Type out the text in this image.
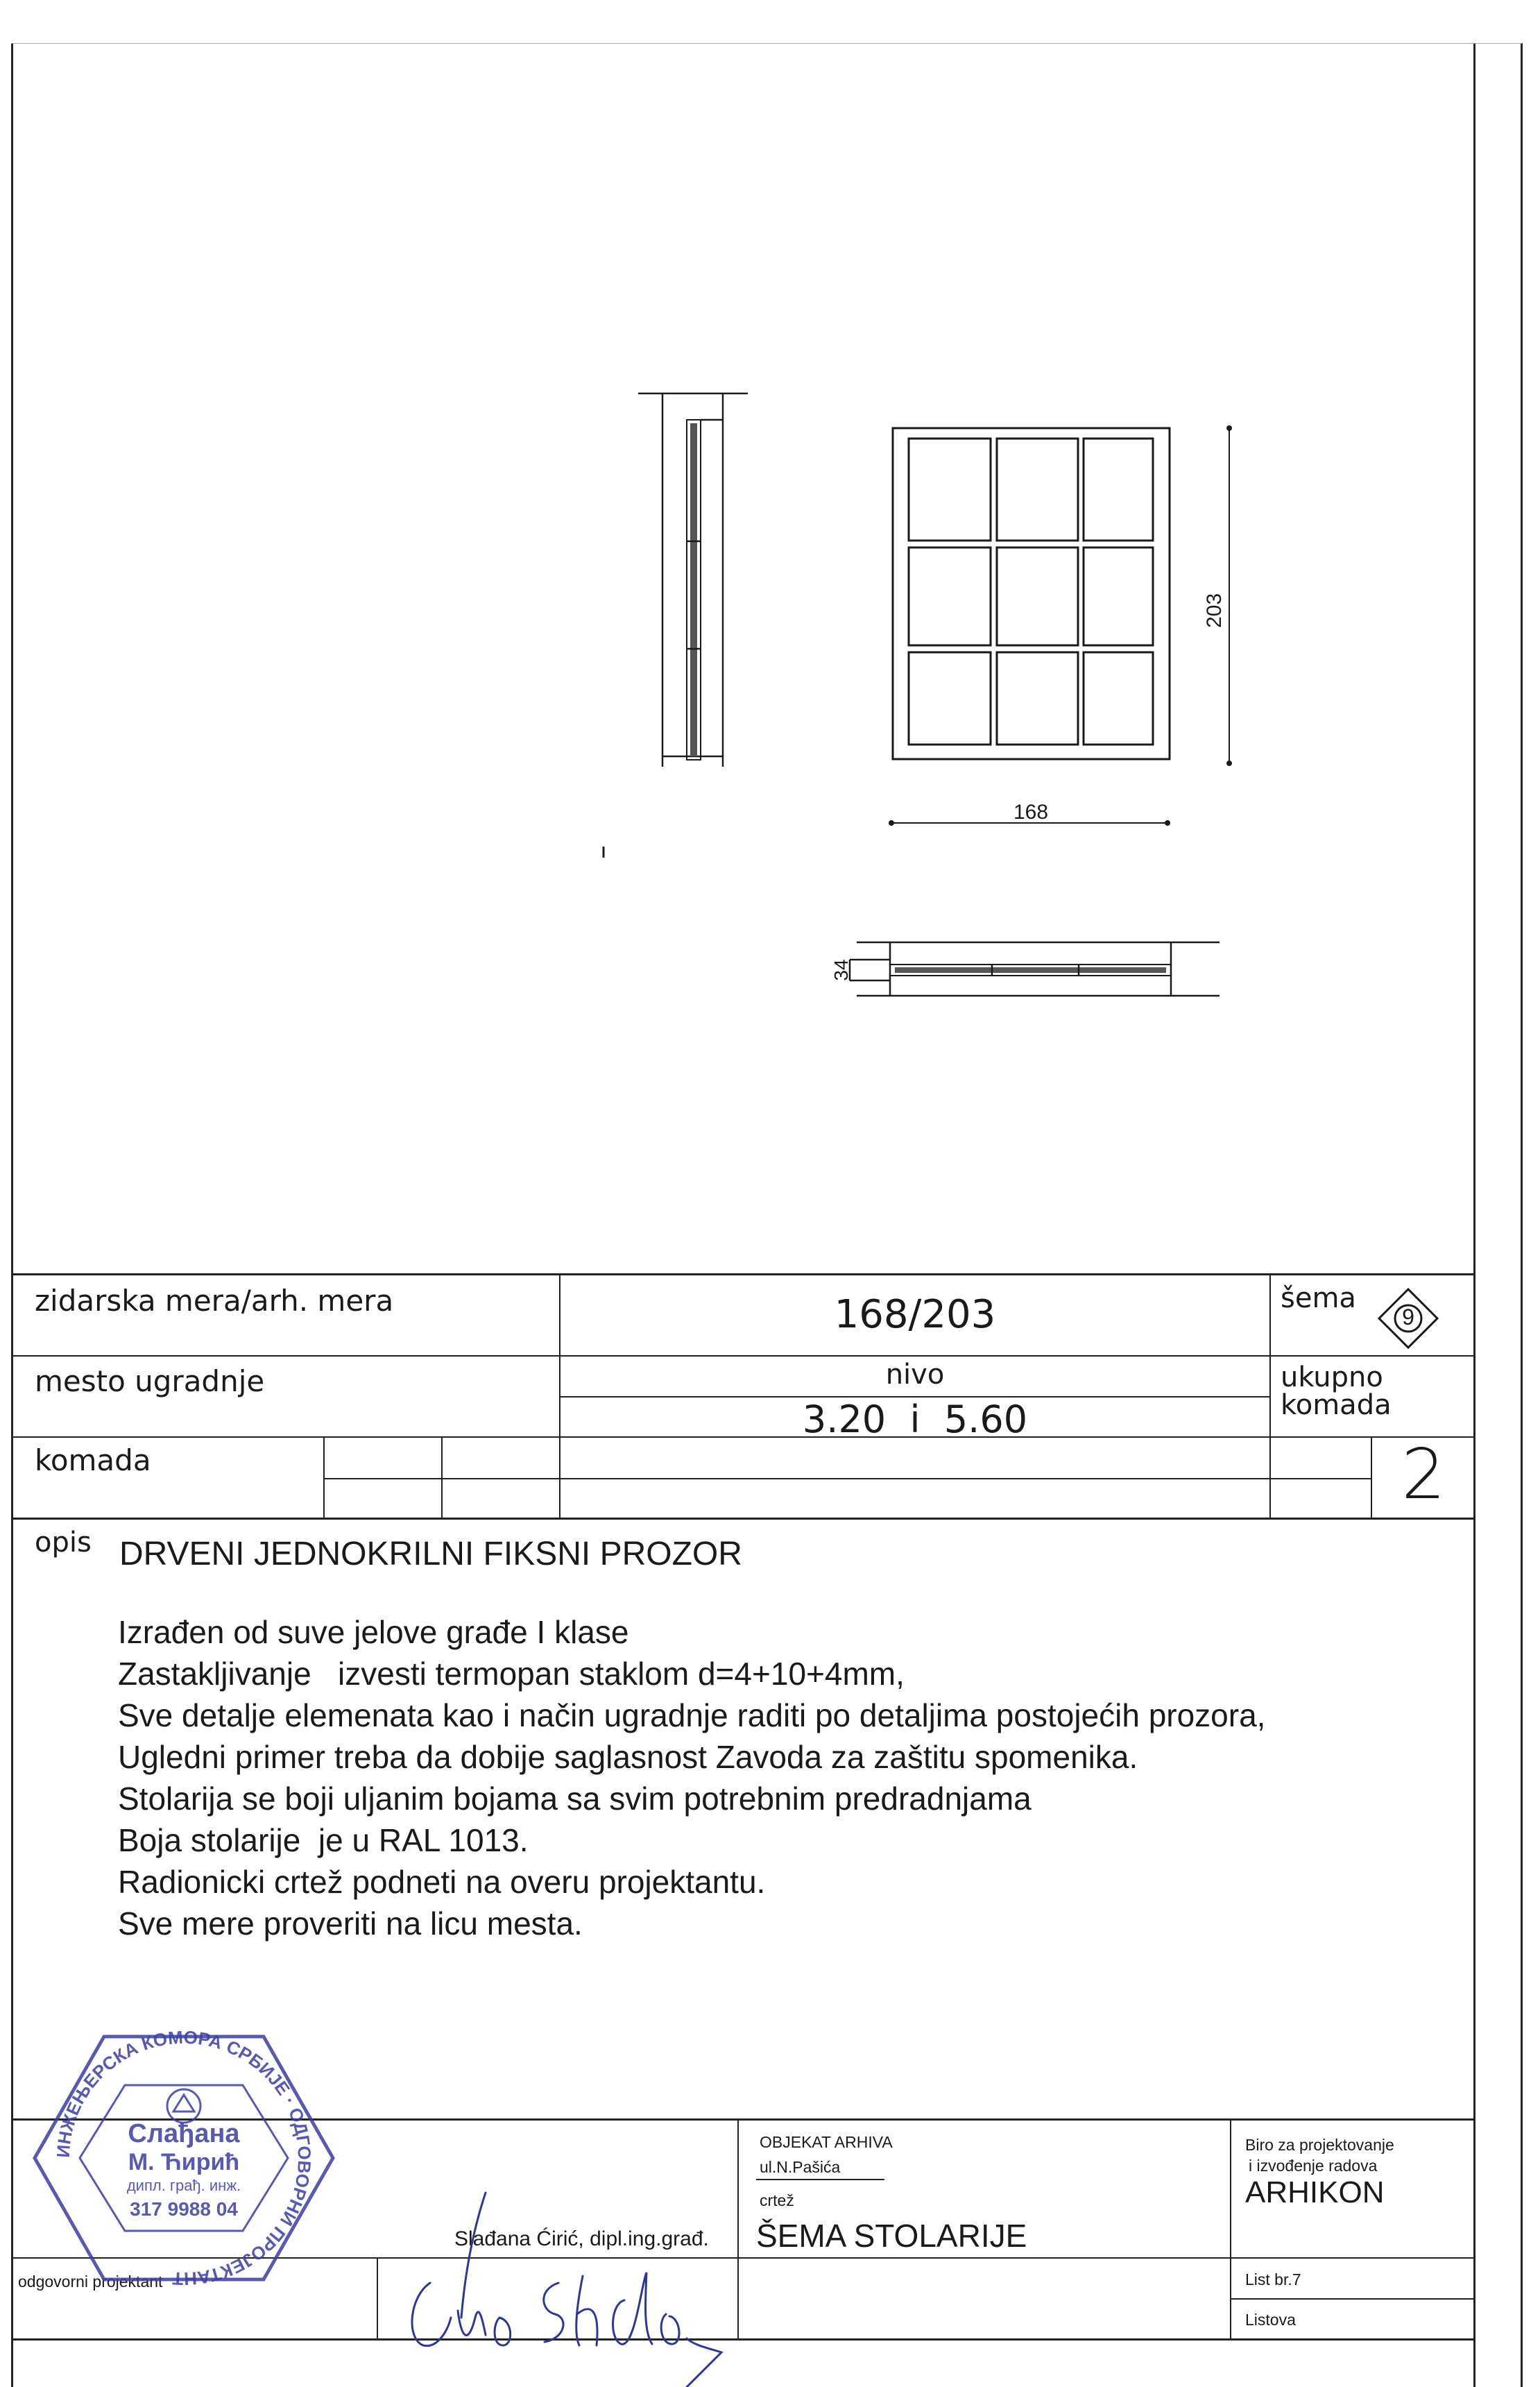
203
168
34
zidarska mera/arh. mera	168/203	šema
9
mesto ugradnje	nivo
3.20  i  5.60
ukupno
komada
komada	2
opis DRVENI JEDNOKRILNI FIKSNI PROZOR
Izrađen od suve jelove građe I klase
Zastakljivanje   izvesti termopan staklom d=4+10+4mm,
Sve detalje elemenata kao i način ugradnje raditi po detaljima postojećih prozora,
Ugledni primer treba da dobije saglasnost Zavoda za zaštitu spomenika.
Stolarija se boji uljanim bojama sa svim potrebnim predradnjama
Boja stolarije  je u RAL 1013.
Radionicki crtež podneti na overu projektantu.
Sve mere proveriti na licu mesta.
OBJEKAT ARHIVA
ul.N.Pašića
crtež
ŠEMA STOLARIJE
Biro za projektovanje
i izvođenje radova
ARHIKON
List br.7
Listova
Slađana Ćirić, dipl.ing.građ.
odgovorni projektant
ИНЖЕЊЕРСКА КОМОРА СРБИЈЕ · ОДГОВОРНИ ПРОЈЕКТАНТ
Слађана
М. Ћирић
дипл. грађ. инж.
317 9988 04
